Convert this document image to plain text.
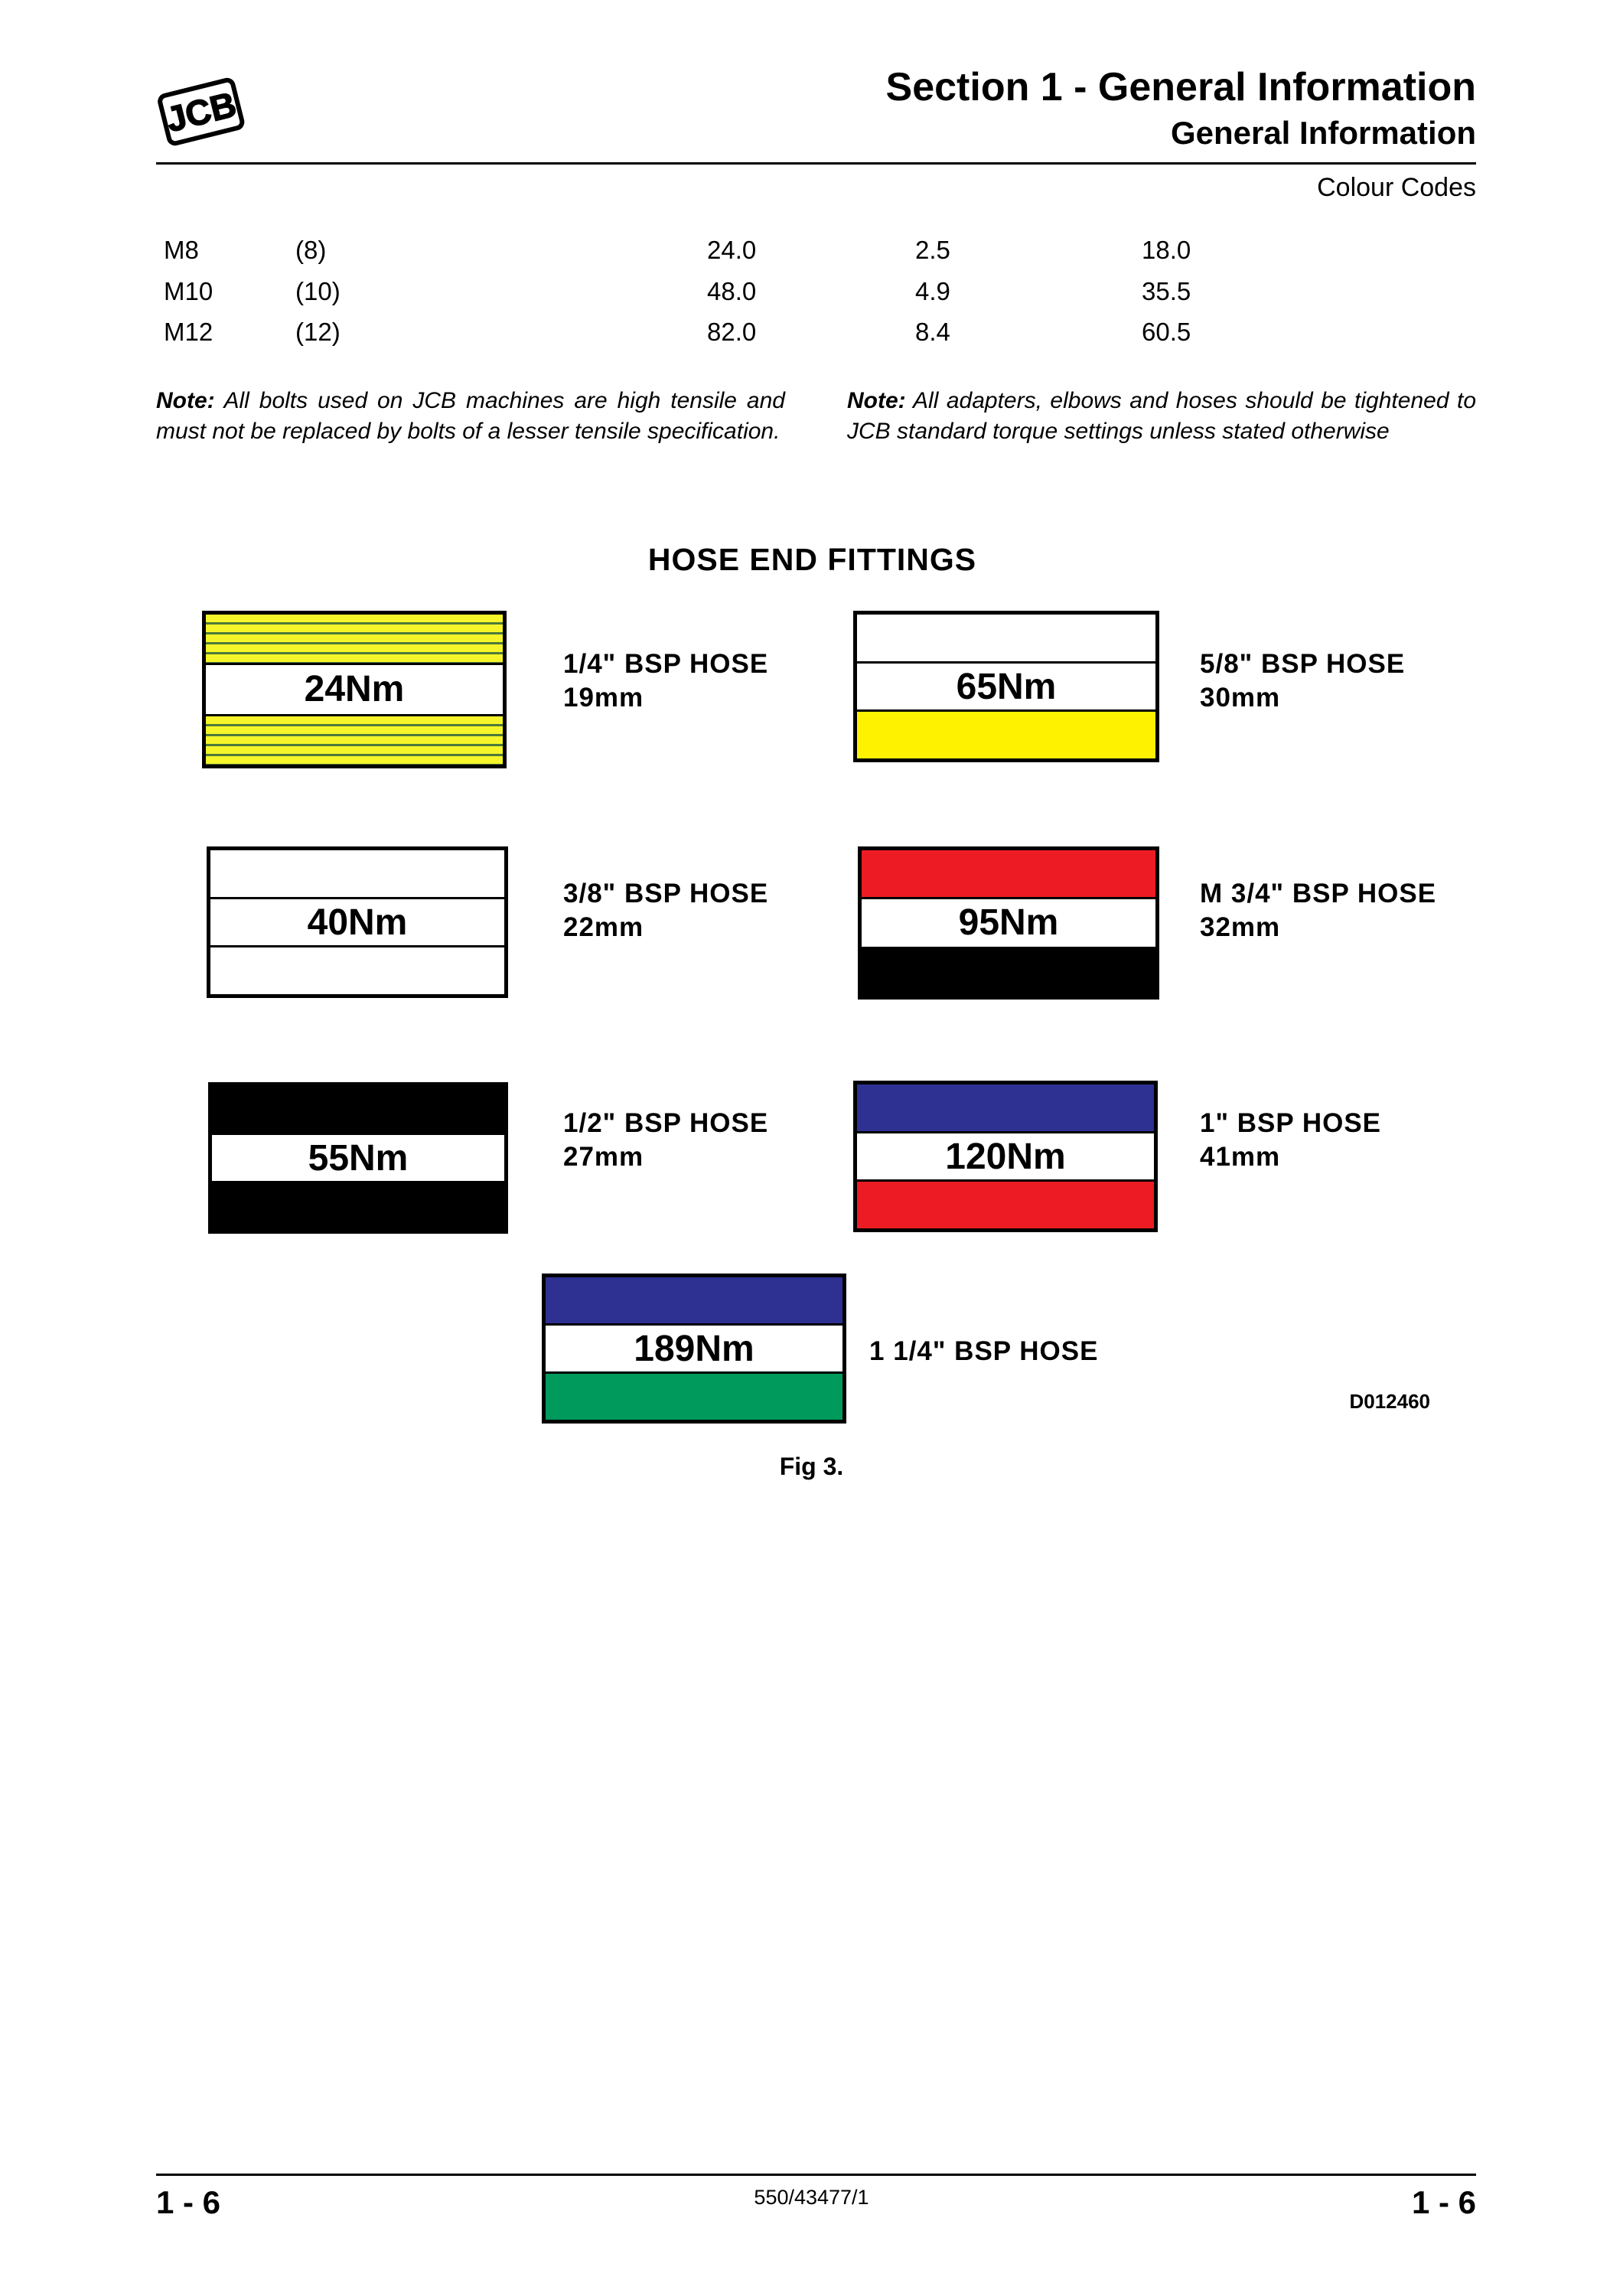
JCB	Section 1 - General Information
General Information
Colour Codes
M8	(8)	24.0	2.5	18.0
M10	(10)	48.0	4.9	35.5
M12	(12)	82.0	8.4	60.5
Note: All bolts used on JCB machines are high tensile and must not be replaced by bolts of a lesser tensile specification.
Note: All adapters, elbows and hoses should be tightened to JCB standard torque settings unless stated otherwise
HOSE END FITTINGS
24Nm
1/4" BSP HOSE
19mm	65Nm
5/8" BSP HOSE
30mm
40Nm
3/8" BSP HOSE
22mm	95Nm
M 3/4" BSP HOSE
32mm
55Nm
1/2" BSP HOSE
27mm	120Nm
1" BSP HOSE
41mm
189Nm	1 1/4" BSP HOSE
D012460
Fig 3.
1 - 6	550/43477/1	1 - 6
